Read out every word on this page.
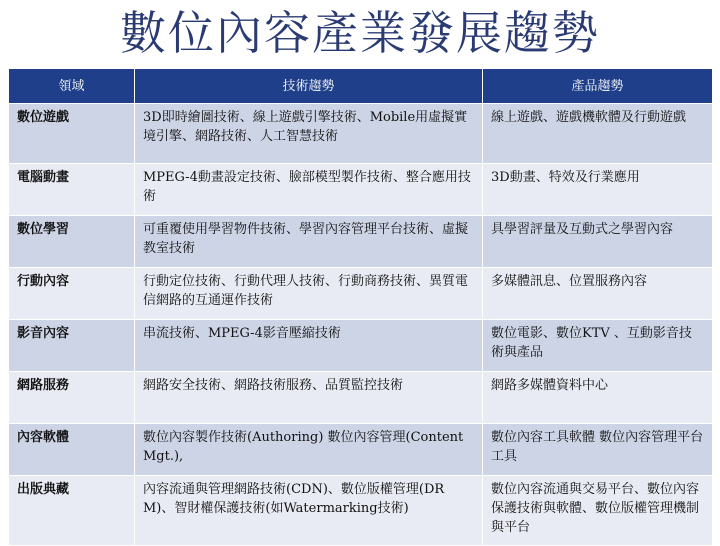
數位內容產業發展趨勢
領域	技術趨勢	產品趨勢
數位遊戲	3D即時繪圖技術、線上遊戲引擎技術、Mobile用虛擬實境引擎、網路技術、人工智慧技術	線上遊戲、遊戲機軟體及行動遊戲
電腦動畫	MPEG-4動畫設定技術、臉部模型製作技術、整合應用技術	3D動畫、特效及行業應用
數位學習	可重覆使用學習物件技術、學習內容管理平台技術、虛擬教室技術	具學習評量及互動式之學習內容
行動內容	行動定位技術、行動代理人技術、行動商務技術、異質電信網路的互通運作技術	多媒體訊息、位置服務內容
影音內容	串流技術、MPEG-4影音壓縮技術	數位電影、數位KTV 、互動影音技術與產品
網路服務	網路安全技術、網路技術服務、品質監控技術	網路多媒體資料中心
內容軟體	數位內容製作技術(Authoring) 數位內容管理(Content Mgt.),	數位內容工具軟體 數位內容管理平台工具
出版典藏	內容流通與管理網路技術(CDN)、數位版權管理(DRM)、智財權保護技術(如Watermarking技術)	數位內容流通與交易平台、數位內容保護技術與軟體、數位版權管理機制與平台
